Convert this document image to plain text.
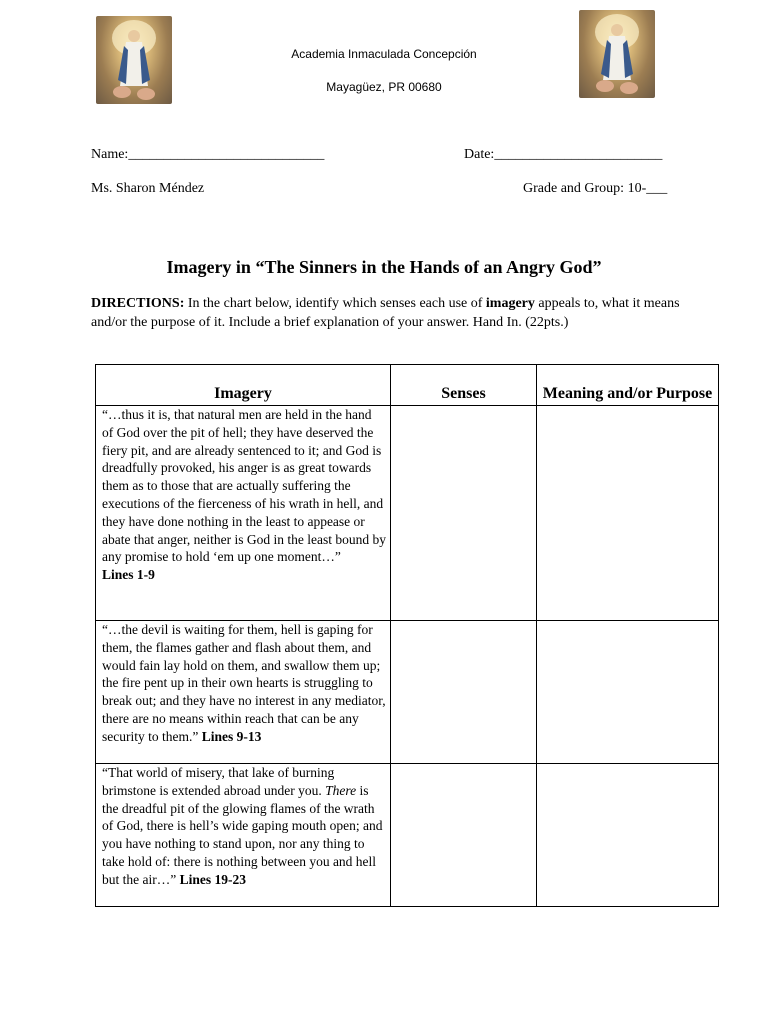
Academia Inmaculada Concepción
Mayagüez, PR 00680
Name:____________________________	Date:________________________
Ms. Sharon Méndez	Grade and Group: 10-___
Imagery in “The Sinners in the Hands of an Angry God”
DIRECTIONS: In the chart below, identify which senses each use of imagery appeals to, what it means and/or the purpose of it. Include a brief explanation of your answer. Hand In. (22pts.)
Imagery	Senses	Meaning and/or Purpose
“…thus it is, that natural men are held in the hand of God over the pit of hell; they have deserved the fiery pit, and are already sentenced to it; and God is dreadfully provoked, his anger is as great towards them as to those that are actually suffering the executions of the fierceness of his wrath in hell, and they have done nothing in the least to appease or abate that anger, neither is God in the least bound by any promise to hold ‘em up one moment…”
Lines 1-9		
“…the devil is waiting for them, hell is gaping for them, the flames gather and flash about them, and would fain lay hold on them, and swallow them up; the fire pent up in their own hearts is struggling to break out; and they have no interest in any mediator, there are no means within reach that can be any security to them.” Lines 9-13		
“That world of misery, that lake of burning brimstone is extended abroad under you. There is the dreadful pit of the glowing flames of the wrath of God, there is hell’s wide gaping mouth open; and you have nothing to stand upon, nor any thing to take hold of: there is nothing between you and hell but the air…” Lines 19-23		
